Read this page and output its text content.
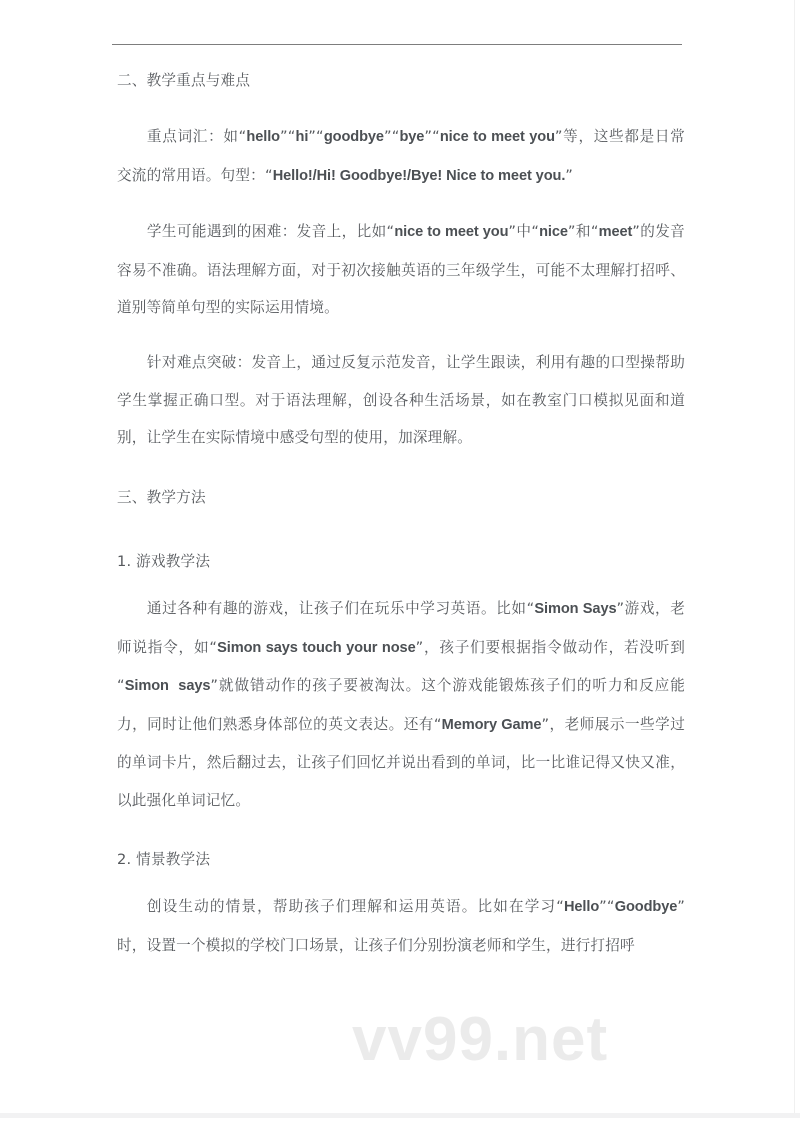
二、教学重点与难点

重点词汇：如“hello”“hi”“goodbye”“bye”“nice to meet you”等，这些都是日常交流的常用语。句型：“Hello!/Hi! Goodbye!/Bye! Nice to meet you.”

学生可能遇到的困难：发音上，比如“nice to meet you”中“nice”和“meet”的发音容易不准确。语法理解方面，对于初次接触英语的三年级学生，可能不太理解打招呼、道别等简单句型的实际运用情境。

针对难点突破：发音上，通过反复示范发音，让学生跟读，利用有趣的口型操帮助学生掌握正确口型。对于语法理解，创设各种生活场景，如在教室门口模拟见面和道别，让学生在实际情境中感受句型的使用，加深理解。

三、教学方法

1. 游戏教学法

通过各种有趣的游戏，让孩子们在玩乐中学习英语。比如“Simon Says”游戏，老师说指令，如“Simon says touch your nose”，孩子们要根据指令做动作，若没听到“Simon  says”就做错动作的孩子要被淘汰。这个游戏能锻炼孩子们的听力和反应能力，同时让他们熟悉身体部位的英文表达。还有“Memory Game”，老师展示一些学过的单词卡片，然后翻过去，让孩子们回忆并说出看到的单词，比一比谁记得又快又准，以此强化单词记忆。

2. 情景教学法

创设生动的情景，帮助孩子们理解和运用英语。比如在学习“Hello”“Goodbye”时，设置一个模拟的学校门口场景，让孩子们分别扮演老师和学生，进行打招呼

vv99.net
